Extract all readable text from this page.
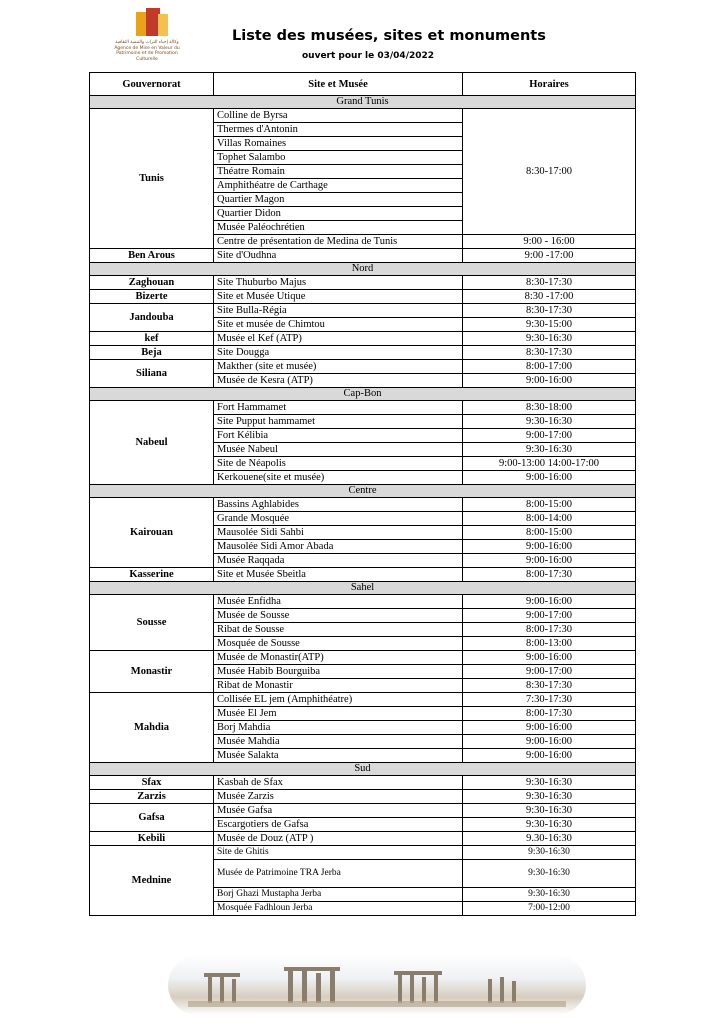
وكالة إحياء التراث والتنمية الثقافية
Agence de Mise en Valeur du Patrimoine et de Promotion Culturelle
Liste des musées, sites et monuments
ouvert pour le 03/04/2022
Gouvernorat	Site et Musée	Horaires
Grand Tunis		
Tunis	Colline de Byrsa	8:30-17:00
	Thermes d'Antonin	
	Villas Romaines	
	Tophet Salambo	
	Théatre Romain	
	Amphithéatre de Carthage	
	Quartier Magon	
	Quartier Didon	
	Musée Paléochrétien	
	Centre de présentation de Medina de Tunis	9:00 - 16:00
Ben Arous	Site d'Oudhna	9:00 -17:00
Nord		
Zaghouan	Site Thuburbo Majus	8:30-17:30
Bizerte	Site et Musée Utique	8:30 -17:00
Jandouba	Site Bulla-Régia	8:30-17:30
	Site et musée de Chimtou	9:30-15:00
kef	Musée el Kef (ATP)	9:30-16:30
Beja	Site Dougga	8:30-17:30
Siliana	Makther (site et musée)	8:00-17:00
	Musée de Kesra (ATP)	9:00-16:00
Cap-Bon		
Nabeul	Fort Hammamet	8:30-18:00
	Site Pupput hammamet	9:30-16:30
	Fort Kélibia	9:00-17:00
	Musée Nabeul	9:30-16:30
	Site de Néapolis	9:00-13:00 14:00-17:00
	Kerkouene(site et musée)	9:00-16:00
Centre		
Kairouan	Bassins Aghlabides	8:00-15:00
	Grande Mosquée	8:00-14:00
	Mausolée Sidi Sahbi	8:00-15:00
	Mausolée Sidi Amor Abada	9:00-16:00
	Musée Raqqada	9:00-16:00
Kasserine	Site et Musée Sbeitla	8:00-17:30
Sahel		
Sousse	Musée Enfidha	9:00-16:00
	Musée de Sousse	9:00-17:00
	Ribat de Sousse	8:00-17:30
	Mosquée de Sousse	8:00-13:00
Monastir	Musée de Monastir(ATP)	9:00-16:00
	Musée Habib Bourguiba	9:00-17:00
	Ribat de Monastir	8:30-17:30
Mahdia	Collisée EL jem (Amphithéatre)	7:30-17:30
	Musée El Jem	8:00-17:30
	Borj Mahdia	9:00-16:00
	Musée Mahdia	9:00-16:00
	Musée Salakta	9:00-16:00
Sud		
Sfax	Kasbah de Sfax	9:30-16:30
Zarzis	Musée Zarzis	9:30-16:30
Gafsa	Musée Gafsa	9:30-16:30
	Escargotiers de Gafsa	9:30-16:30
Kebili	Musée de Douz (ATP )	9.30-16:30
Mednine	Site de Ghitis	9:30-16:30
	Musée de Patrimoine TRA Jerba	9:30-16:30
	Borj Ghazi Mustapha Jerba	9:30-16:30
	Mosquée Fadhloun Jerba	7:00-12:00
